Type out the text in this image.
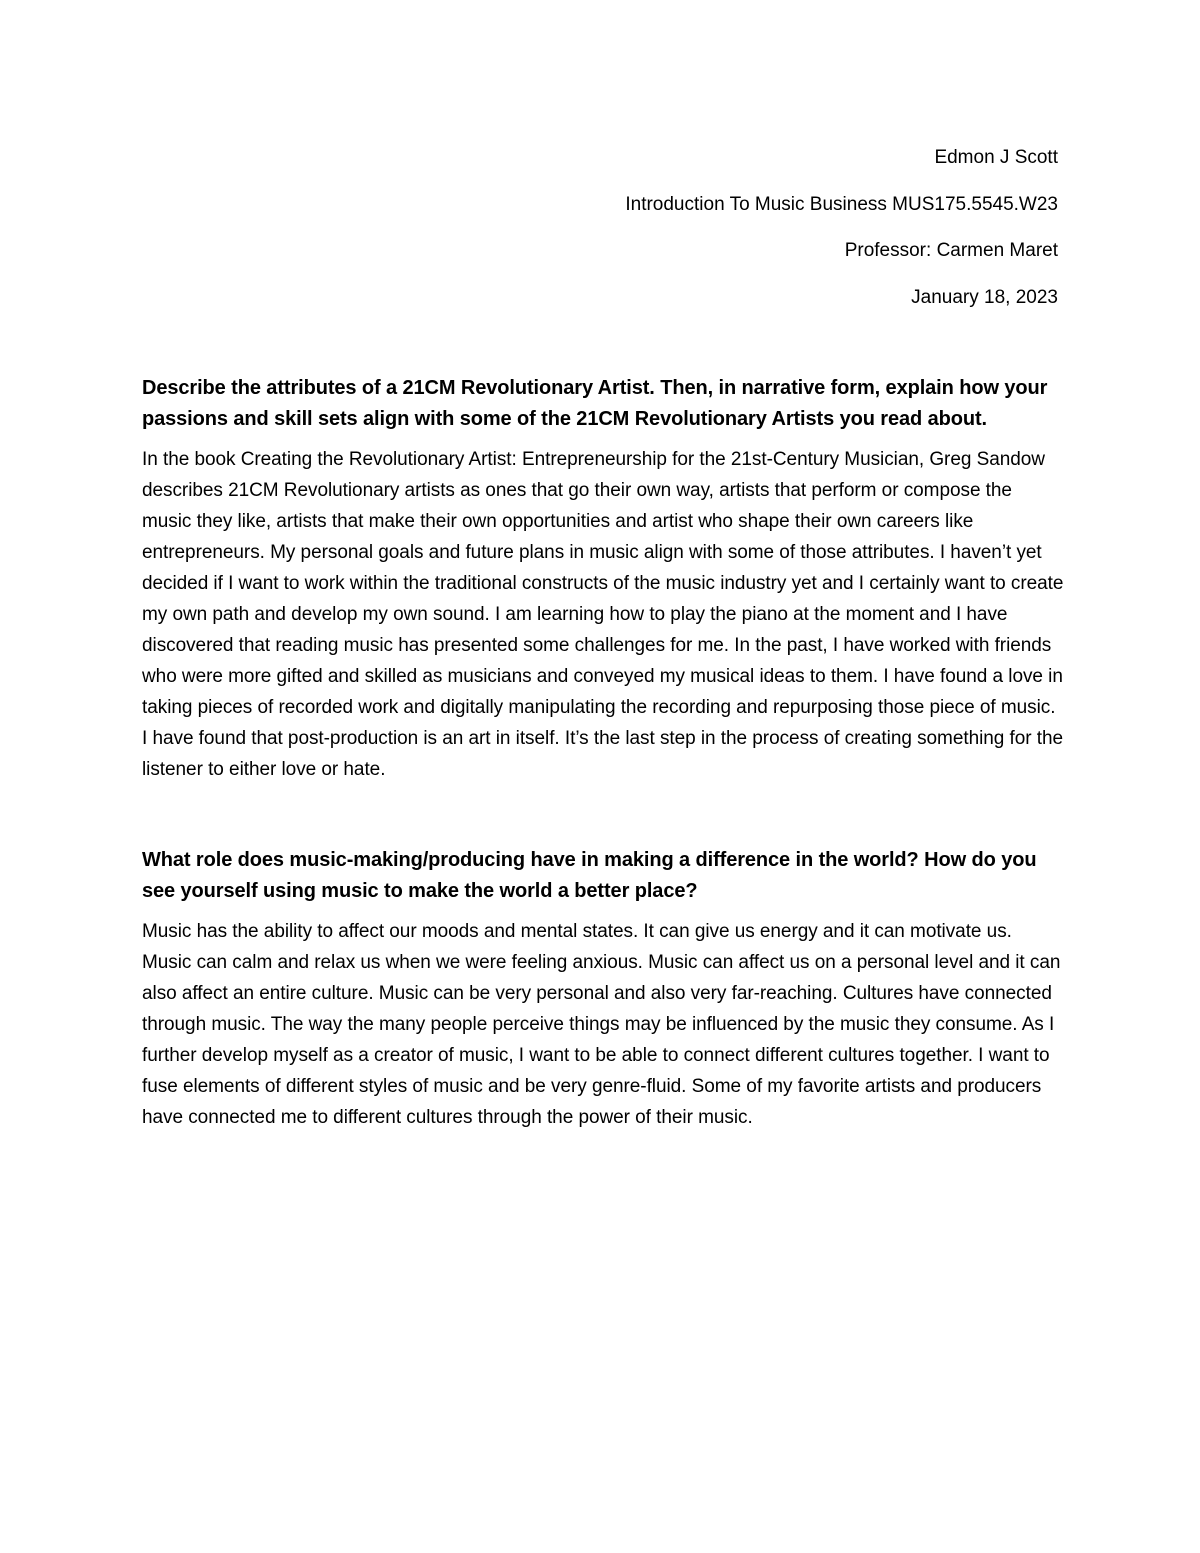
Edmon J Scott
Introduction To Music Business MUS175.5545.W23
Professor: Carmen Maret
January 18, 2023

Describe the attributes of a 21CM Revolutionary Artist. Then, in narrative form, explain how your passions and skill sets align with some of the 21CM Revolutionary Artists you read about.

In the book Creating the Revolutionary Artist: Entrepreneurship for the 21st-Century Musician, Greg Sandow describes 21CM Revolutionary artists as ones that go their own way, artists that perform or compose the music they like, artists that make their own opportunities and artist who shape their own careers like entrepreneurs. My personal goals and future plans in music align with some of those attributes. I haven’t yet decided if I want to work within the traditional constructs of the music industry yet and I certainly want to create my own path and develop my own sound. I am learning how to play the piano at the moment and I have discovered that reading music has presented some challenges for me. In the past, I have worked with friends who were more gifted and skilled as musicians and conveyed my musical ideas to them. I have found a love in taking pieces of recorded work and digitally manipulating the recording and repurposing those piece of music. I have found that post-production is an art in itself. It’s the last step in the process of creating something for the listener to either love or hate.

What role does music-making/producing have in making a difference in the world? How do you see yourself using music to make the world a better place?

Music has the ability to affect our moods and mental states. It can give us energy and it can motivate us. Music can calm and relax us when we were feeling anxious. Music can affect us on a personal level and it can also affect an entire culture. Music can be very personal and also very far-reaching. Cultures have connected through music. The way the many people perceive things may be influenced by the music they consume. As I further develop myself as a creator of music, I want to be able to connect different cultures together. I want to fuse elements of different styles of music and be very genre-fluid. Some of my favorite artists and producers have connected me to different cultures through the power of their music.
